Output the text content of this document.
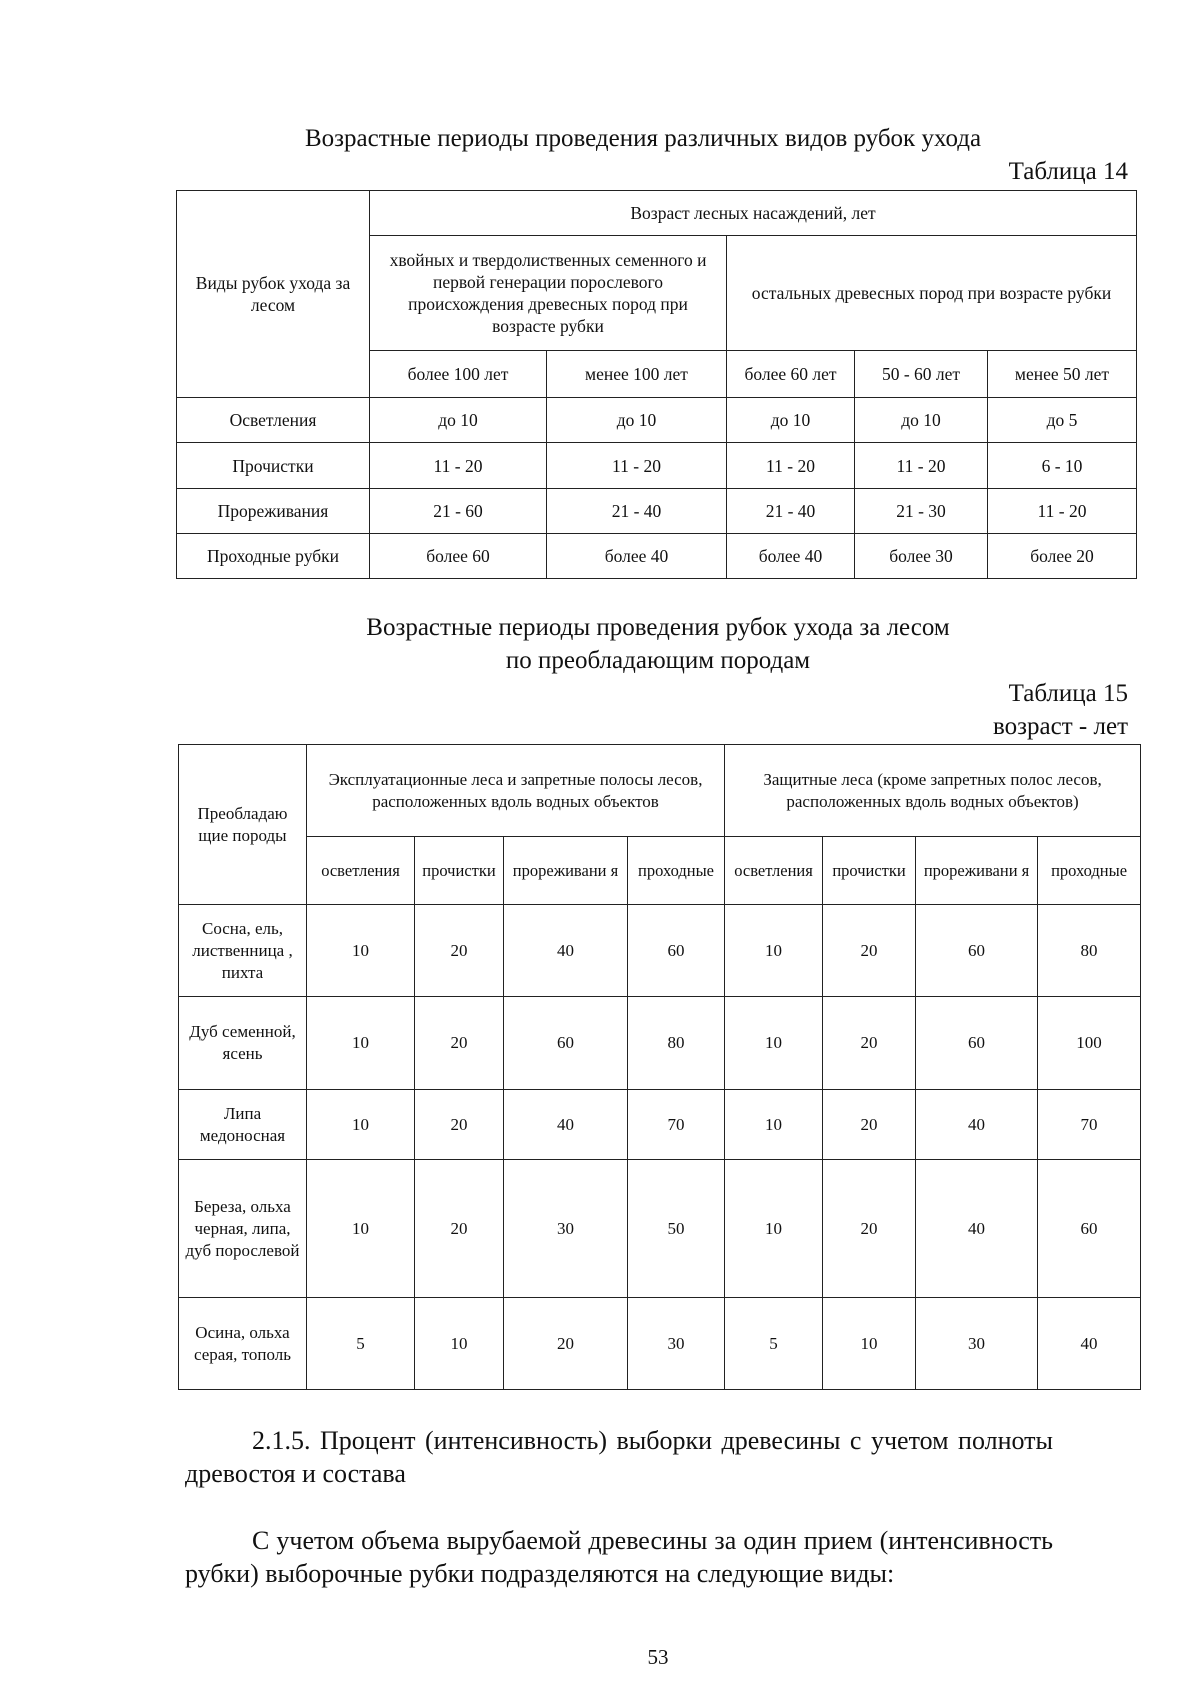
Возрастные периоды проведения различных видов рубок ухода
Таблица 14
Виды рубок ухода за лесом	Возраст лесных насаждений, лет				
	хвойных и твердолиственных семенного и первой генерации порослевого происхождения древесных пород при возрасте рубки		остальных древесных пород при возрасте рубки		
	более 100 лет	менее 100 лет	более 60 лет	50 - 60 лет	менее 50 лет
Осветления	до 10	до 10	до 10	до 10	до 5
Прочистки	11 - 20	11 - 20	11 - 20	11 - 20	6 - 10
Прореживания	21 - 60	21 - 40	21 - 40	21 - 30	11 - 20
Проходные рубки	более 60	более 40	более 40	более 30	более 20
Возрастные периоды проведения рубок ухода за лесом
по преобладающим породам
Таблица 15
возраст - лет
Преобладаю щие породы	Эксплуатационные леса и запретные полосы лесов, расположенных вдоль водных объектов				Защитные леса (кроме запретных полос лесов, расположенных вдоль водных объектов)			
	осветления	прочистки	прореживани я	проходные	осветления	прочистки	прореживани я	проходные
Сосна, ель, лиственница , пихта	10	20	40	60	10	20	60	80
Дуб семенной, ясень	10	20	60	80	10	20	60	100
Липа медоносная	10	20	40	70	10	20	40	70
Береза, ольха черная, липа, дуб порослевой	10	20	30	50	10	20	40	60
Осина, ольха серая, тополь	5	10	20	30	5	10	30	40
2.1.5. Процент (интенсивность) выборки древесины с учетом полноты древостоя и состава
С учетом объема вырубаемой древесины за один прием (интенсивность рубки) выборочные рубки подразделяются на следующие виды:
53
